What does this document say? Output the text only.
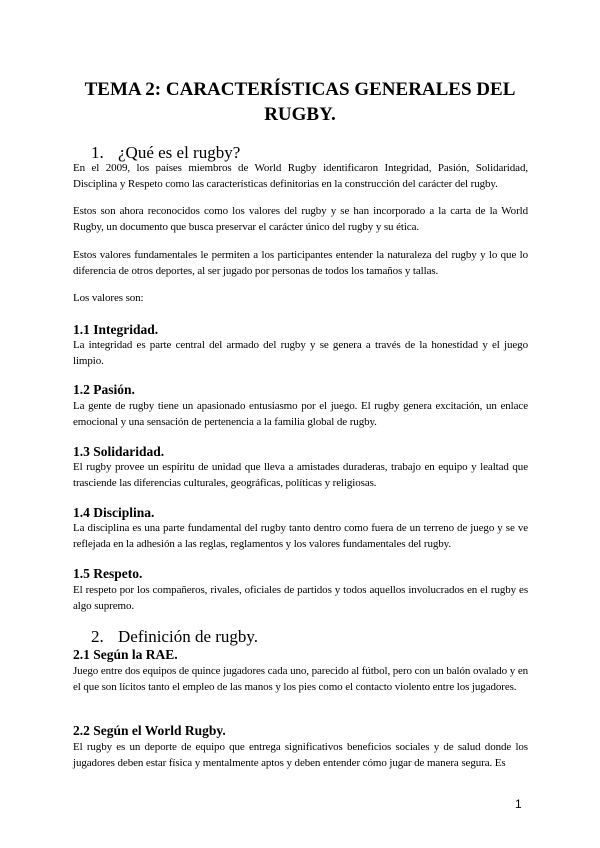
TEMA 2: CARACTERÍSTICAS GENERALES DEL RUGBY.
1. ¿Qué es el rugby?
En el 2009, los países miembros de World Rugby identificaron Integridad, Pasión, Solidaridad, Disciplina y Respeto como las características definitorias en la construcción del carácter del rugby.
Estos son ahora reconocidos como los valores del rugby y se han incorporado a la carta de la World Rugby, un documento que busca preservar el carácter único del rugby y su ética.
Estos valores fundamentales le permiten a los participantes entender la naturaleza del rugby y lo que lo diferencia de otros deportes, al ser jugado por personas de todos los tamaños y tallas.
Los valores son:
1.1 Integridad.
La integridad es parte central del armado del rugby y se genera a través de la honestidad y el juego limpio.
1.2 Pasión.
La gente de rugby tiene un apasionado entusiasmo por el juego. El rugby genera excitación, un enlace emocional y una sensación de pertenencia a la familia global de rugby.
1.3 Solidaridad.
El rugby provee un espíritu de unidad que lleva a amistades duraderas, trabajo en equipo y lealtad que trasciende las diferencias culturales, geográficas, políticas y religiosas.
1.4 Disciplina.
La disciplina es una parte fundamental del rugby tanto dentro como fuera de un terreno de juego y se ve reflejada en la adhesión a las reglas, reglamentos y los valores fundamentales del rugby.
1.5 Respeto.
El respeto por los compañeros, rivales, oficiales de partidos y todos aquellos involucrados en el rugby es algo supremo.
2. Definición de rugby.
2.1 Según la RAE.
Juego entre dos equipos de quince jugadores cada uno, parecido al fútbol, pero con un balón ovalado y en el que son lícitos tanto el empleo de las manos y los pies como el contacto violento entre los jugadores.
2.2 Según el World Rugby.
El rugby es un deporte de equipo que entrega significativos beneficios sociales y de salud donde los jugadores deben estar física y mentalmente aptos y deben entender cómo jugar de manera segura. Es
1
